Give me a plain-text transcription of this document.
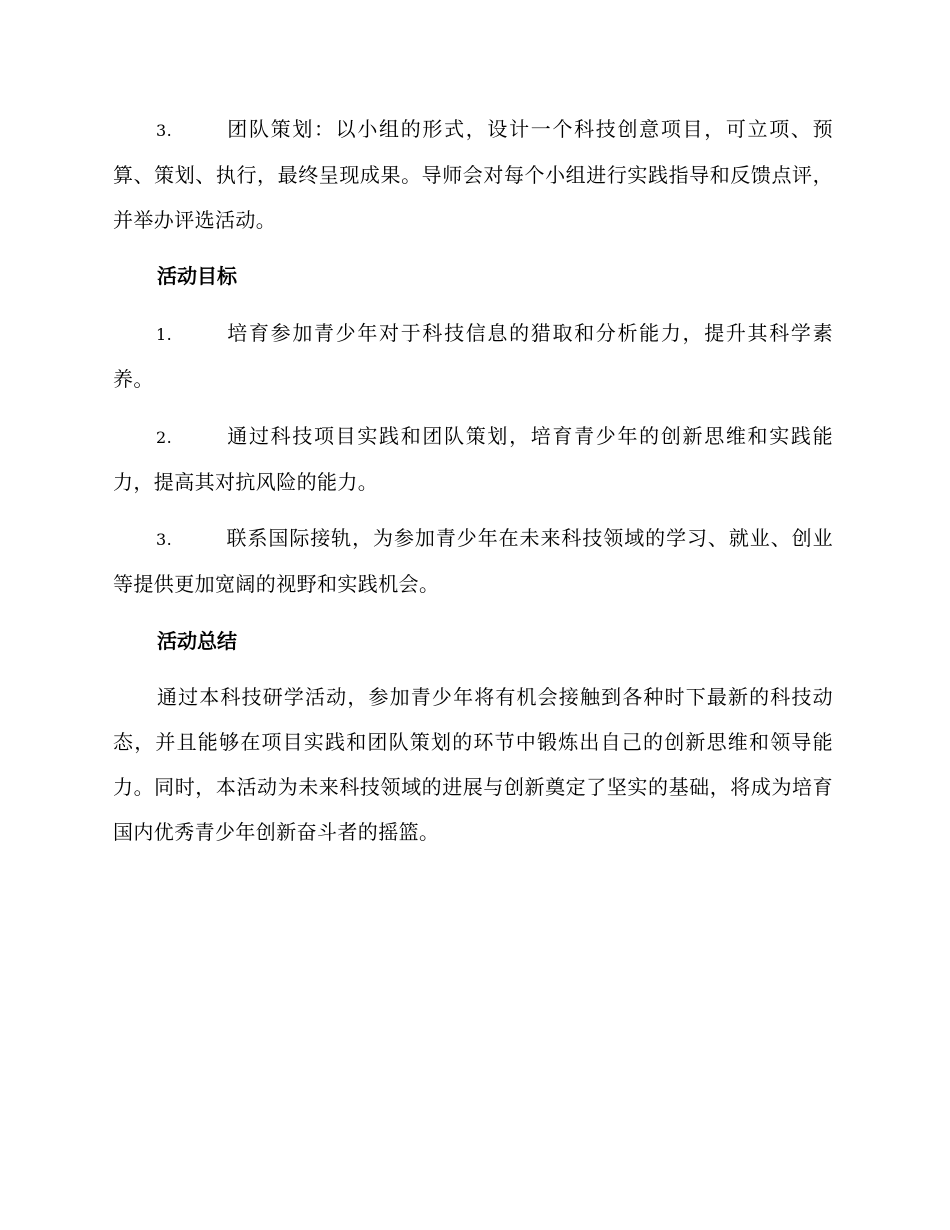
3.	团队策划：以小组的形式，设计一个科技创意项目，可立项、预算、策划、执行，最终呈现成果。导师会对每个小组进行实践指导和反馈点评，并举办评选活动。

活动目标

1.	培育参加青少年对于科技信息的猎取和分析能力，提升其科学素养。

2.	通过科技项目实践和团队策划，培育青少年的创新思维和实践能力，提高其对抗风险的能力。

3.	联系国际接轨，为参加青少年在未来科技领域的学习、就业、创业等提供更加宽阔的视野和实践机会。

活动总结

通过本科技研学活动，参加青少年将有机会接触到各种时下最新的科技动态，并且能够在项目实践和团队策划的环节中锻炼出自己的创新思维和领导能力。同时，本活动为未来科技领域的进展与创新奠定了坚实的基础，将成为培育国内优秀青少年创新奋斗者的摇篮。
